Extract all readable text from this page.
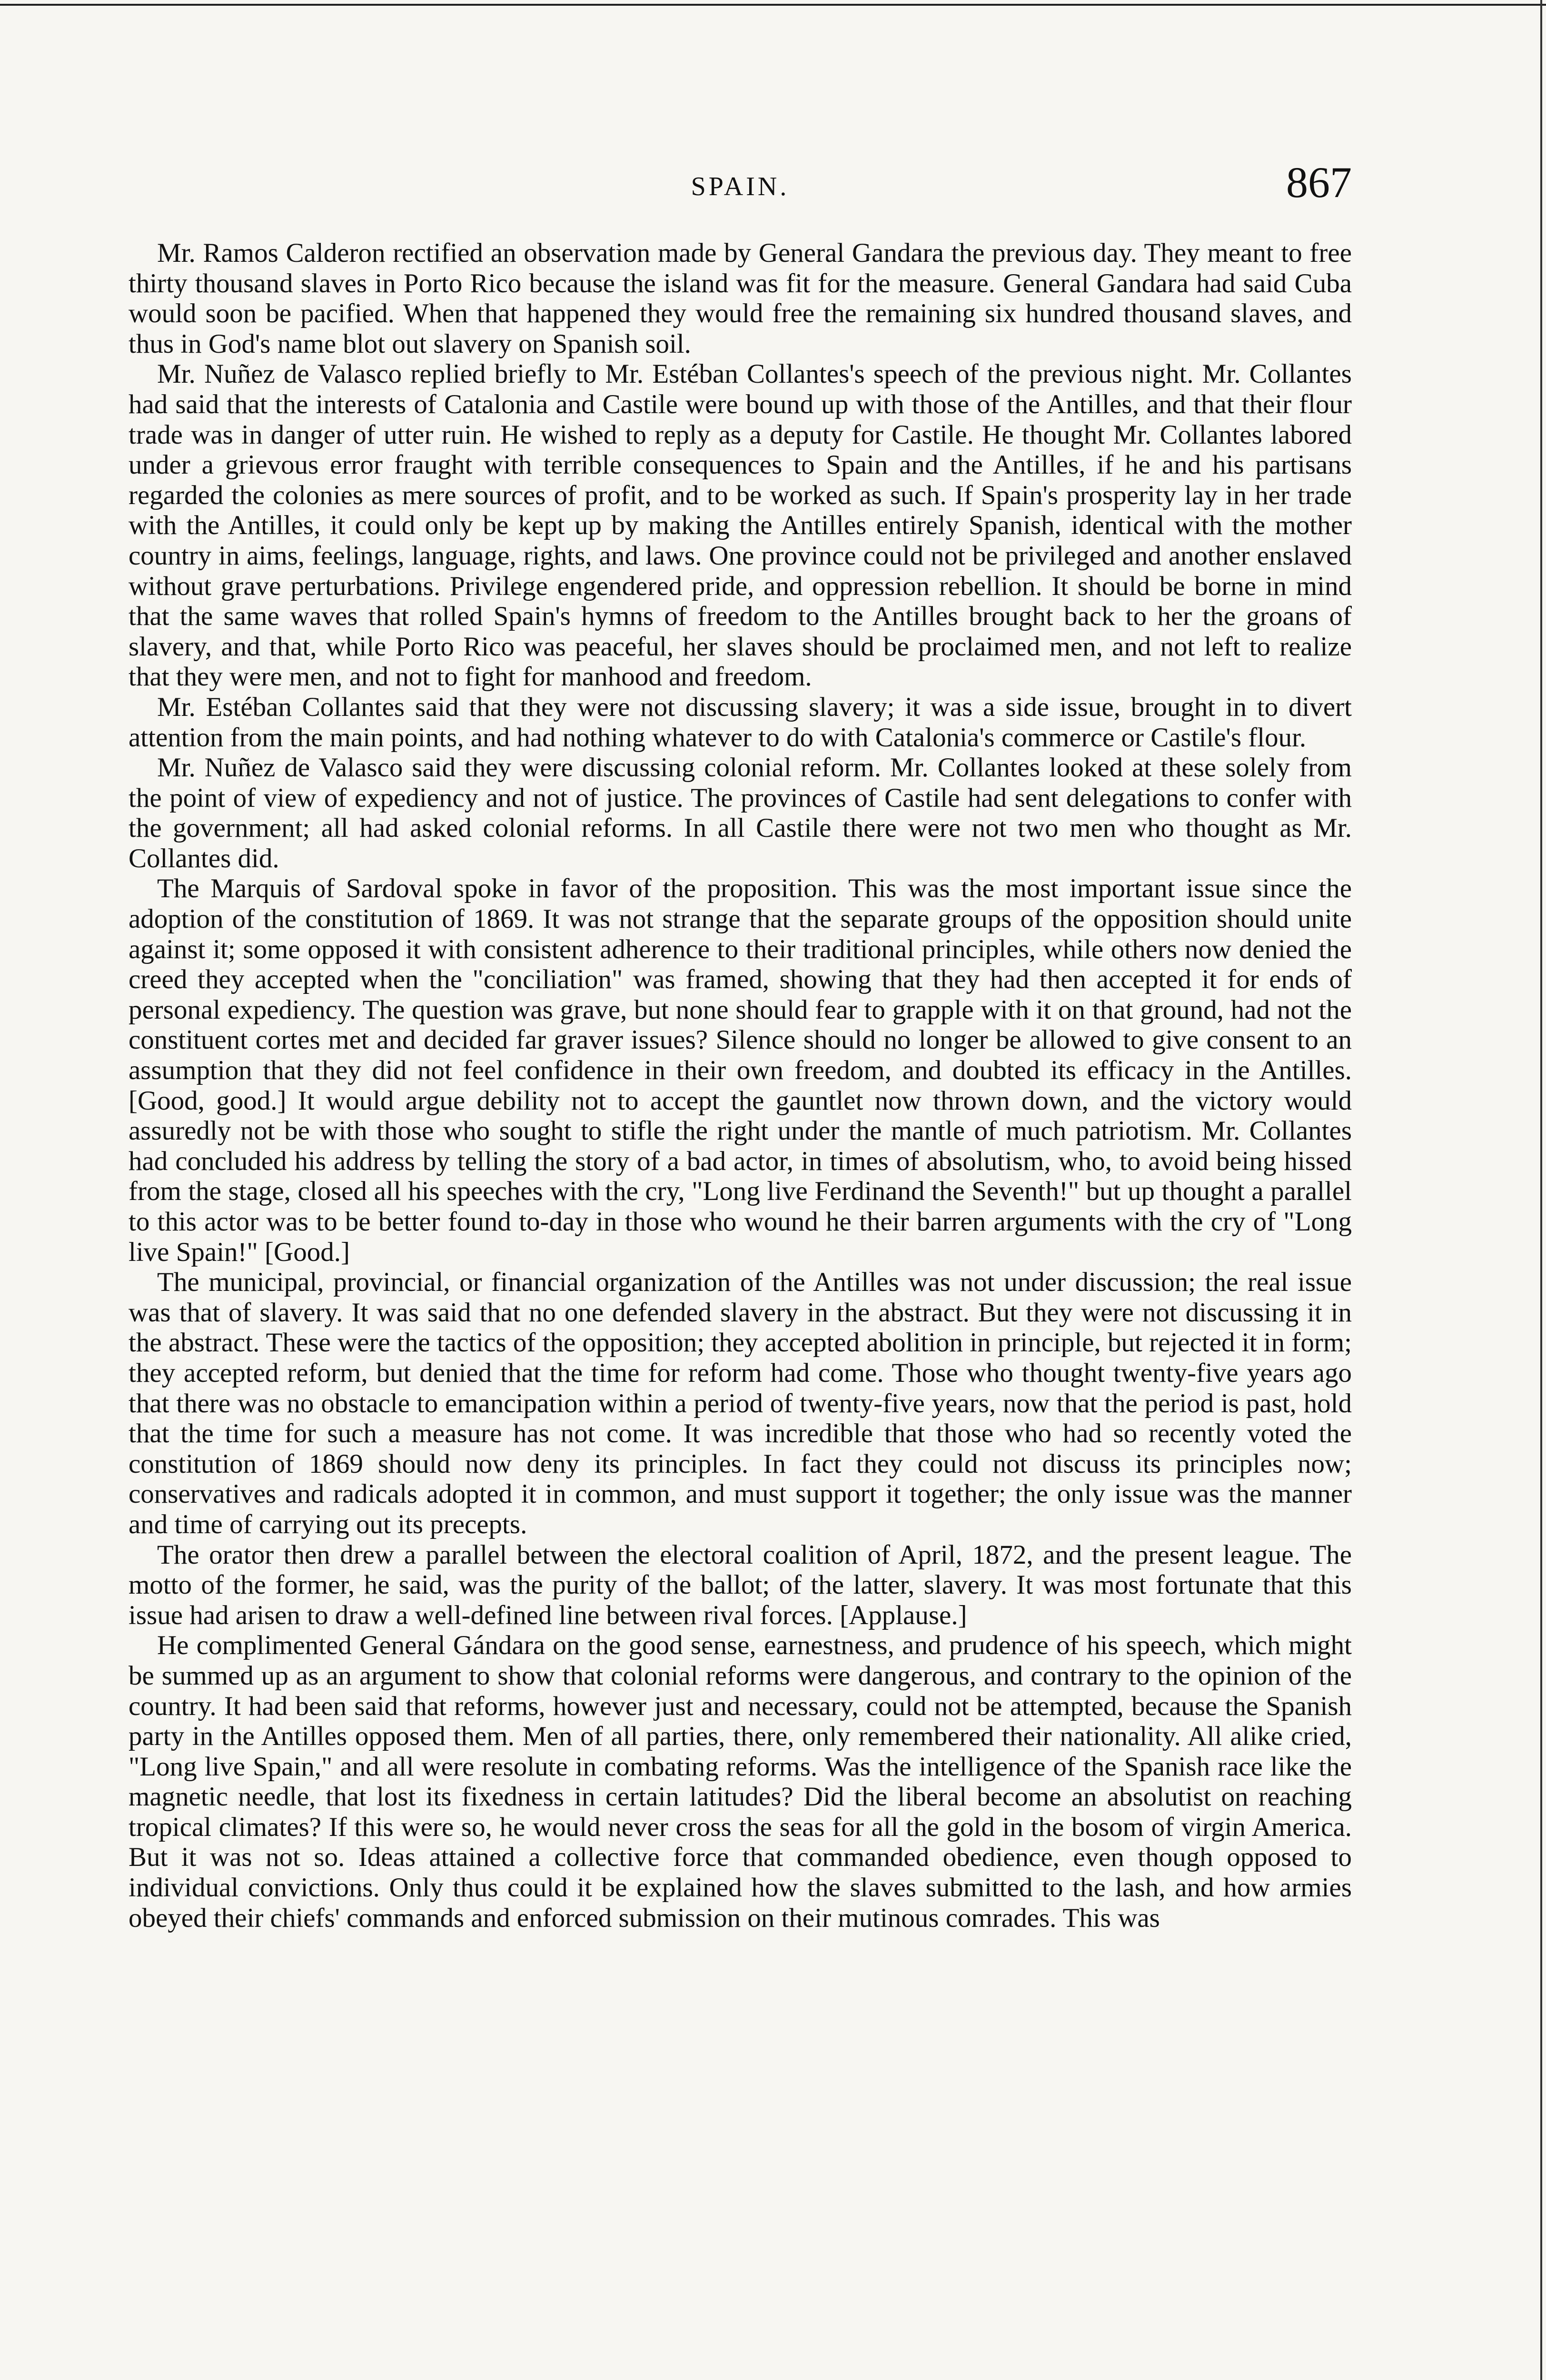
SPAIN.	867

Mr. Ramos Calderon rectified an observation made by General Gandara the previous day. They meant to free thirty thousand slaves in Porto Rico because the island was fit for the measure. General Gandara had said Cuba would soon be pacified. When that happened they would free the remaining six hundred thousand slaves, and thus in God's name blot out slavery on Spanish soil.

Mr. Nuñez de Valasco replied briefly to Mr. Estéban Collantes's speech of the previous night. Mr. Collantes had said that the interests of Catalonia and Castile were bound up with those of the Antilles, and that their flour trade was in danger of utter ruin. He wished to reply as a deputy for Castile. He thought Mr. Collantes labored under a grievous error fraught with terrible consequences to Spain and the Antilles, if he and his partisans regarded the colonies as mere sources of profit, and to be worked as such. If Spain's prosperity lay in her trade with the Antilles, it could only be kept up by making the Antilles entirely Spanish, identical with the mother country in aims, feelings, language, rights, and laws. One province could not be privileged and another enslaved without grave perturbations. Privilege engendered pride, and oppression rebellion. It should be borne in mind that the same waves that rolled Spain's hymns of freedom to the Antilles brought back to her the groans of slavery, and that, while Porto Rico was peaceful, her slaves should be proclaimed men, and not left to realize that they were men, and not to fight for manhood and freedom.

Mr. Estéban Collantes said that they were not discussing slavery; it was a side issue, brought in to divert attention from the main points, and had nothing whatever to do with Catalonia's commerce or Castile's flour.

Mr. Nuñez de Valasco said they were discussing colonial reform. Mr. Collantes looked at these solely from the point of view of expediency and not of justice. The provinces of Castile had sent delegations to confer with the government; all had asked colonial reforms. In all Castile there were not two men who thought as Mr. Collantes did.

The Marquis of Sardoval spoke in favor of the proposition. This was the most important issue since the adoption of the constitution of 1869. It was not strange that the separate groups of the opposition should unite against it; some opposed it with consistent adherence to their traditional principles, while others now denied the creed they accepted when the "conciliation" was framed, showing that they had then accepted it for ends of personal expediency. The question was grave, but none should fear to grapple with it on that ground, had not the constituent cortes met and decided far graver issues? Silence should no longer be allowed to give consent to an assumption that they did not feel confidence in their own freedom, and doubted its efficacy in the Antilles. [Good, good.] It would argue debility not to accept the gauntlet now thrown down, and the victory would assuredly not be with those who sought to stifle the right under the mantle of much patriotism. Mr. Collantes had concluded his address by telling the story of a bad actor, in times of absolutism, who, to avoid being hissed from the stage, closed all his speeches with the cry, "Long live Ferdinand the Seventh!" but up thought a parallel to this actor was to be better found to-day in those who wound he their barren arguments with the cry of "Long live Spain!" [Good.]

The municipal, provincial, or financial organization of the Antilles was not under discussion; the real issue was that of slavery. It was said that no one defended slavery in the abstract. But they were not discussing it in the abstract. These were the tactics of the opposition; they accepted abolition in principle, but rejected it in form; they accepted reform, but denied that the time for reform had come. Those who thought twenty-five years ago that there was no obstacle to emancipation within a period of twenty-five years, now that the period is past, hold that the time for such a measure has not come. It was incredible that those who had so recently voted the constitution of 1869 should now deny its principles. In fact they could not discuss its principles now; conservatives and radicals adopted it in common, and must support it together; the only issue was the manner and time of carrying out its precepts.

The orator then drew a parallel between the electoral coalition of April, 1872, and the present league. The motto of the former, he said, was the purity of the ballot; of the latter, slavery. It was most fortunate that this issue had arisen to draw a well-defined line between rival forces. [Applause.]

He complimented General Gándara on the good sense, earnestness, and prudence of his speech, which might be summed up as an argument to show that colonial reforms were dangerous, and contrary to the opinion of the country. It had been said that reforms, however just and necessary, could not be attempted, because the Spanish party in the Antilles opposed them. Men of all parties, there, only remembered their nationality. All alike cried, "Long live Spain," and all were resolute in combating reforms. Was the intelligence of the Spanish race like the magnetic needle, that lost its fixedness in certain latitudes? Did the liberal become an absolutist on reaching tropical climates? If this were so, he would never cross the seas for all the gold in the bosom of virgin America. But it was not so. Ideas attained a collective force that commanded obedience, even though opposed to individual convictions. Only thus could it be explained how the slaves submitted to the lash, and how armies obeyed their chiefs' commands and enforced submission on their mutinous comrades. This was
